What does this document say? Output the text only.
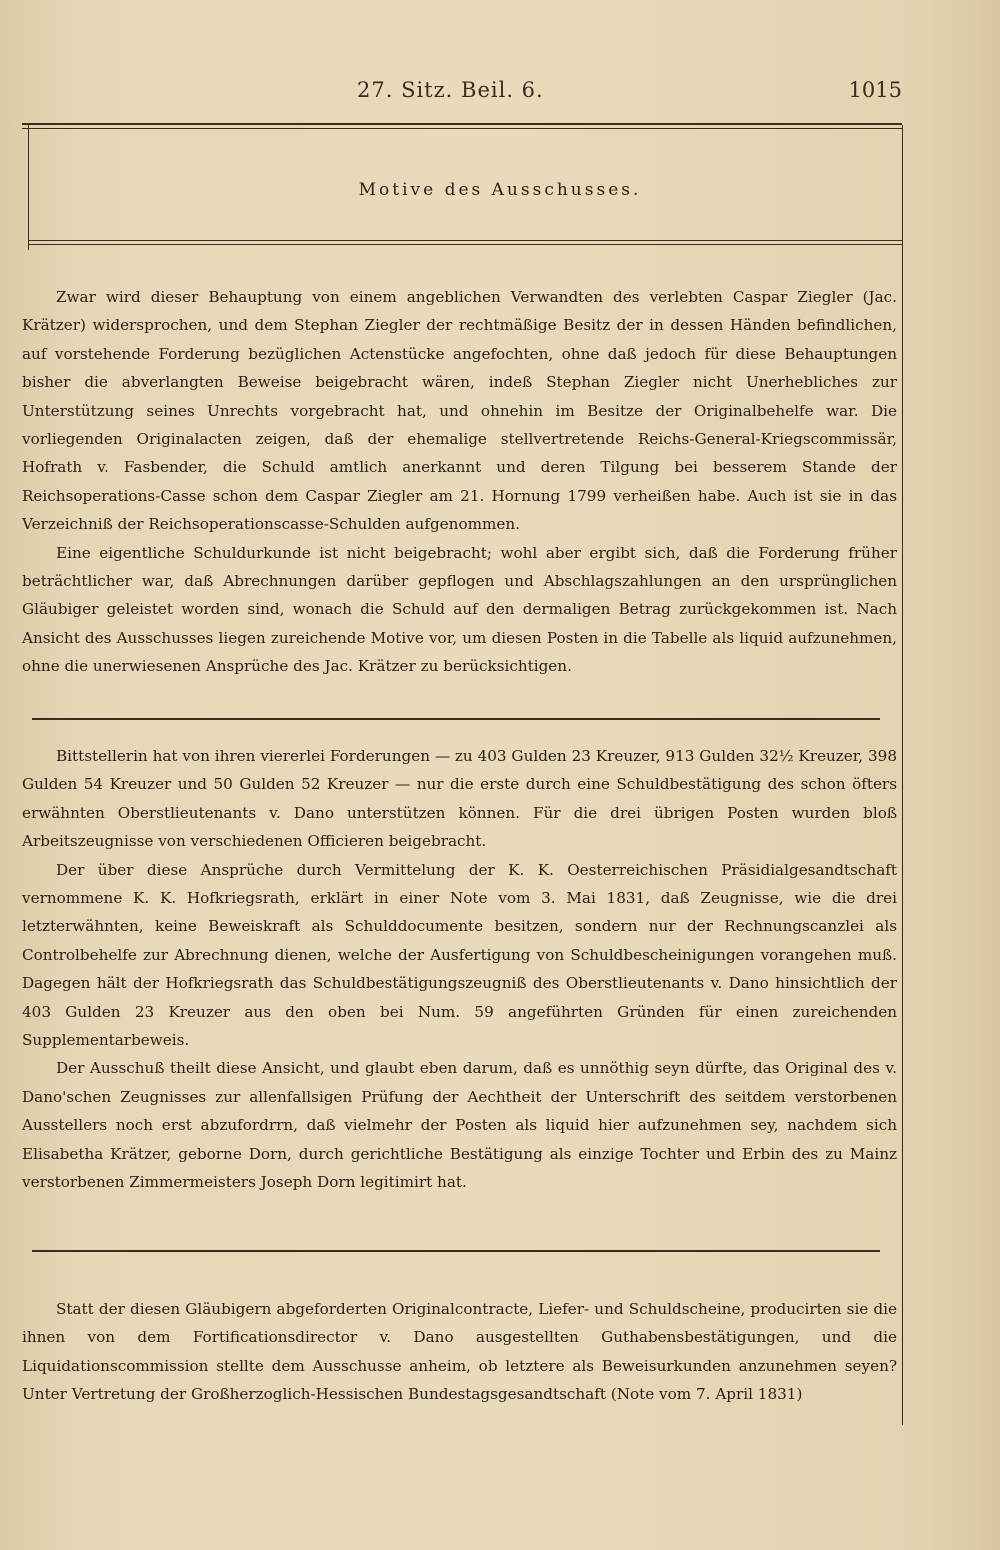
27. Sitz. Beil. 6.	1015
Motive des Ausschusses.

Zwar wird dieser Behauptung von einem angeblichen Verwandten des verlebten Caspar Ziegler (Jac. Krätzer) widersprochen, und dem Stephan Ziegler der rechtmäßige Besitz der in dessen Händen befindlichen, auf vorstehende Forderung bezüglichen Actenstücke angefochten, ohne daß jedoch für diese Behauptungen bisher die abverlangten Beweise beigebracht wären, indeß Stephan Ziegler nicht Unerhebliches zur Unterstützung seines Unrechts vorgebracht hat, und ohnehin im Besitze der Originalbehelfe war. Die vorliegenden Originalacten zeigen, daß der ehemalige stellvertretende Reichs-General-Kriegscommissär, Hofrath v. Fasbender, die Schuld amtlich anerkannt und deren Tilgung bei besserem Stande der Reichsoperations-Casse schon dem Caspar Ziegler am 21. Hornung 1799 verheißen habe. Auch ist sie in das Verzeichniß der Reichsoperationscasse-Schulden aufgenommen.

Eine eigentliche Schuldurkunde ist nicht beigebracht; wohl aber ergibt sich, daß die Forderung früher beträchtlicher war, daß Abrechnungen darüber gepflogen und Abschlagszahlungen an den ursprünglichen Gläubiger geleistet worden sind, wonach die Schuld auf den dermaligen Betrag zurückgekommen ist. Nach Ansicht des Ausschusses liegen zureichende Motive vor, um diesen Posten in die Tabelle als liquid aufzunehmen, ohne die unerwiesenen Ansprüche des Jac. Krätzer zu berücksichtigen.

Bittstellerin hat von ihren viererlei Forderungen — zu 403 Gulden 23 Kreuzer, 913 Gulden 32½ Kreuzer, 398 Gulden 54 Kreuzer und 50 Gulden 52 Kreuzer — nur die erste durch eine Schuldbestätigung des schon öfters erwähnten Oberstlieutenants v. Dano unterstützen können. Für die drei übrigen Posten wurden bloß Arbeitszeugnisse von verschiedenen Officieren beigebracht.

Der über diese Ansprüche durch Vermittelung der K. K. Oesterreichischen Präsidialgesandtschaft vernommene K. K. Hofkriegsrath, erklärt in einer Note vom 3. Mai 1831, daß Zeugnisse, wie die drei letzterwähnten, keine Beweiskraft als Schulddocumente besitzen, sondern nur der Rechnungscanzlei als Controlbehelfe zur Abrechnung dienen, welche der Ausfertigung von Schuldbescheinigungen vorangehen muß. Dagegen hält der Hofkriegsrath das Schuldbestätigungszeugniß des Oberstlieutenants v. Dano hinsichtlich der 403 Gulden 23 Kreuzer aus den oben bei Num. 59 angeführten Gründen für einen zureichenden Supplementarbeweis.

Der Ausschuß theilt diese Ansicht, und glaubt eben darum, daß es unnöthig seyn dürfte, das Original des v. Dano'schen Zeugnisses zur allenfallsigen Prüfung der Aechtheit der Unterschrift des seitdem verstorbenen Ausstellers noch erst abzufordrrn, daß vielmehr der Posten als liquid hier aufzunehmen sey, nachdem sich Elisabetha Krätzer, geborne Dorn, durch gerichtliche Bestätigung als einzige Tochter und Erbin des zu Mainz verstorbenen Zimmermeisters Joseph Dorn legitimirt hat.

Statt der diesen Gläubigern abgeforderten Originalcontracte, Liefer- und Schuldscheine, producirten sie die ihnen von dem Fortificationsdirector v. Dano ausgestellten Guthabensbestätigungen, und die Liquidationscommission stellte dem Ausschusse anheim, ob letztere als Beweisurkunden anzunehmen seyen? Unter Vertretung der Großherzoglich-Hessischen Bundestagsgesandtschaft (Note vom 7. April 1831)
